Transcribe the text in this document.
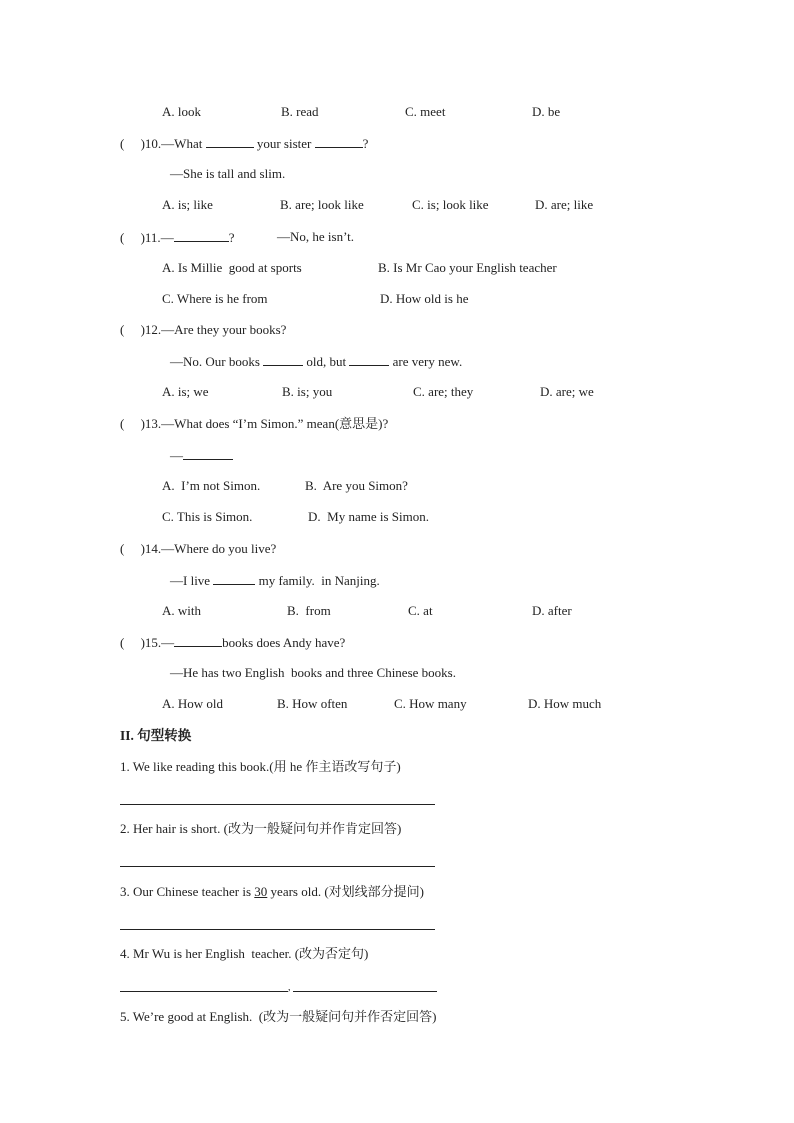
A. look	B. read	C. meet	D. be
(     )10.—What	your sister	?
—She is tall and slim.
A. is; like	B. are; look like	C. is; look like	D. are; like
(     )11.—	?	—No, he isn’t.
A. Is Millie  good at sports	B. Is Mr Cao your English teacher
C. Where is he from	D. How old is he
(     )12.—Are they your books?
—No. Our books	old, but	are very new.
A. is; we	B. is; you	C. are; they	D. are; we
(     )13.—What does “I’m Simon.” mean(意思是)?
—
A.  I’m not Simon.	B.  Are you Simon?
C. This is Simon.	D.  My name is Simon.
(     )14.—Where do you live?
—I live	my family.  in Nanjing.
A. with	B.  from	C. at	D. after
(     )15.—	books does Andy have?
—He has two English  books and three Chinese books.
A. How old	B. How often	C. How many	D. How much
II. 句型转换
1. We like reading this book.(用 he 作主语改写句子)
2. Her hair is short. (改为一般疑问句并作肯定回答)
3. Our Chinese teacher is 30 years old. (对划线部分提问)
4. Mr Wu is her English  teacher. (改为否定句)
,
5. We’re good at English.  (改为一般疑问句并作否定回答)
